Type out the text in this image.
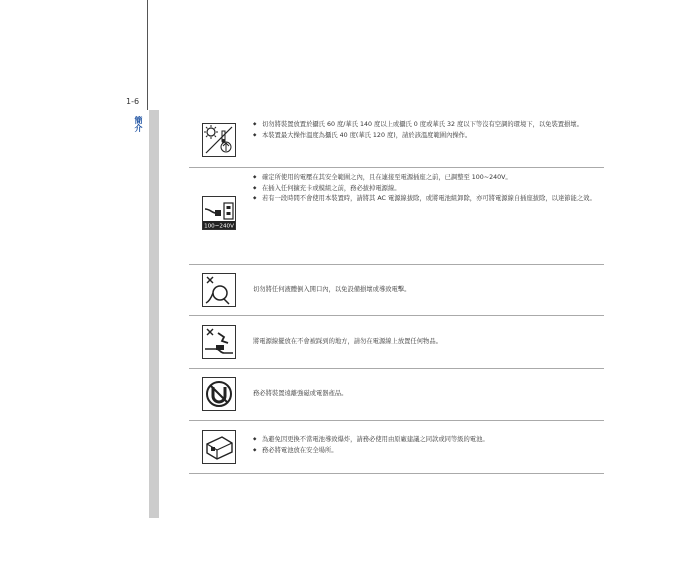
1-6
簡介
◆	切勿將裝置放置於攝氏 60 度/華氏 140 度以上或攝氏 0 度或華氏 32 度以下等沒有空調的環境下，以免裝置損壞。
◆ 本裝置最大操作溫度為攝氏 40 度(華氏 120 度)，請於該溫度範圍內操作。
100~240V
◆ 確定所使用的電壓在其安全範圍之內，且在連接至電源插座之前，已調整至 100~240V。
◆ 在插入任何擴充卡或模組之前，務必拔掉電源線。
◆ 若有一段時間不會使用本裝置時，請將其 AC 電源線拔除，或將電池組卸除，亦可將電源線自插座拔除，以達節能之效。
切勿將任何液體倒入開口內，以免設備損壞或導致電擊。
將電源線擺放在不會被踩到的地方，請勿在電源線上放置任何物品。
務必將裝置遠離強磁或電器產品。
◆ 為避免因更換不當電池導致爆炸，請務必使用由原廠建議之同款或同等級的電池。
◆ 務必將電池放在安全場所。
